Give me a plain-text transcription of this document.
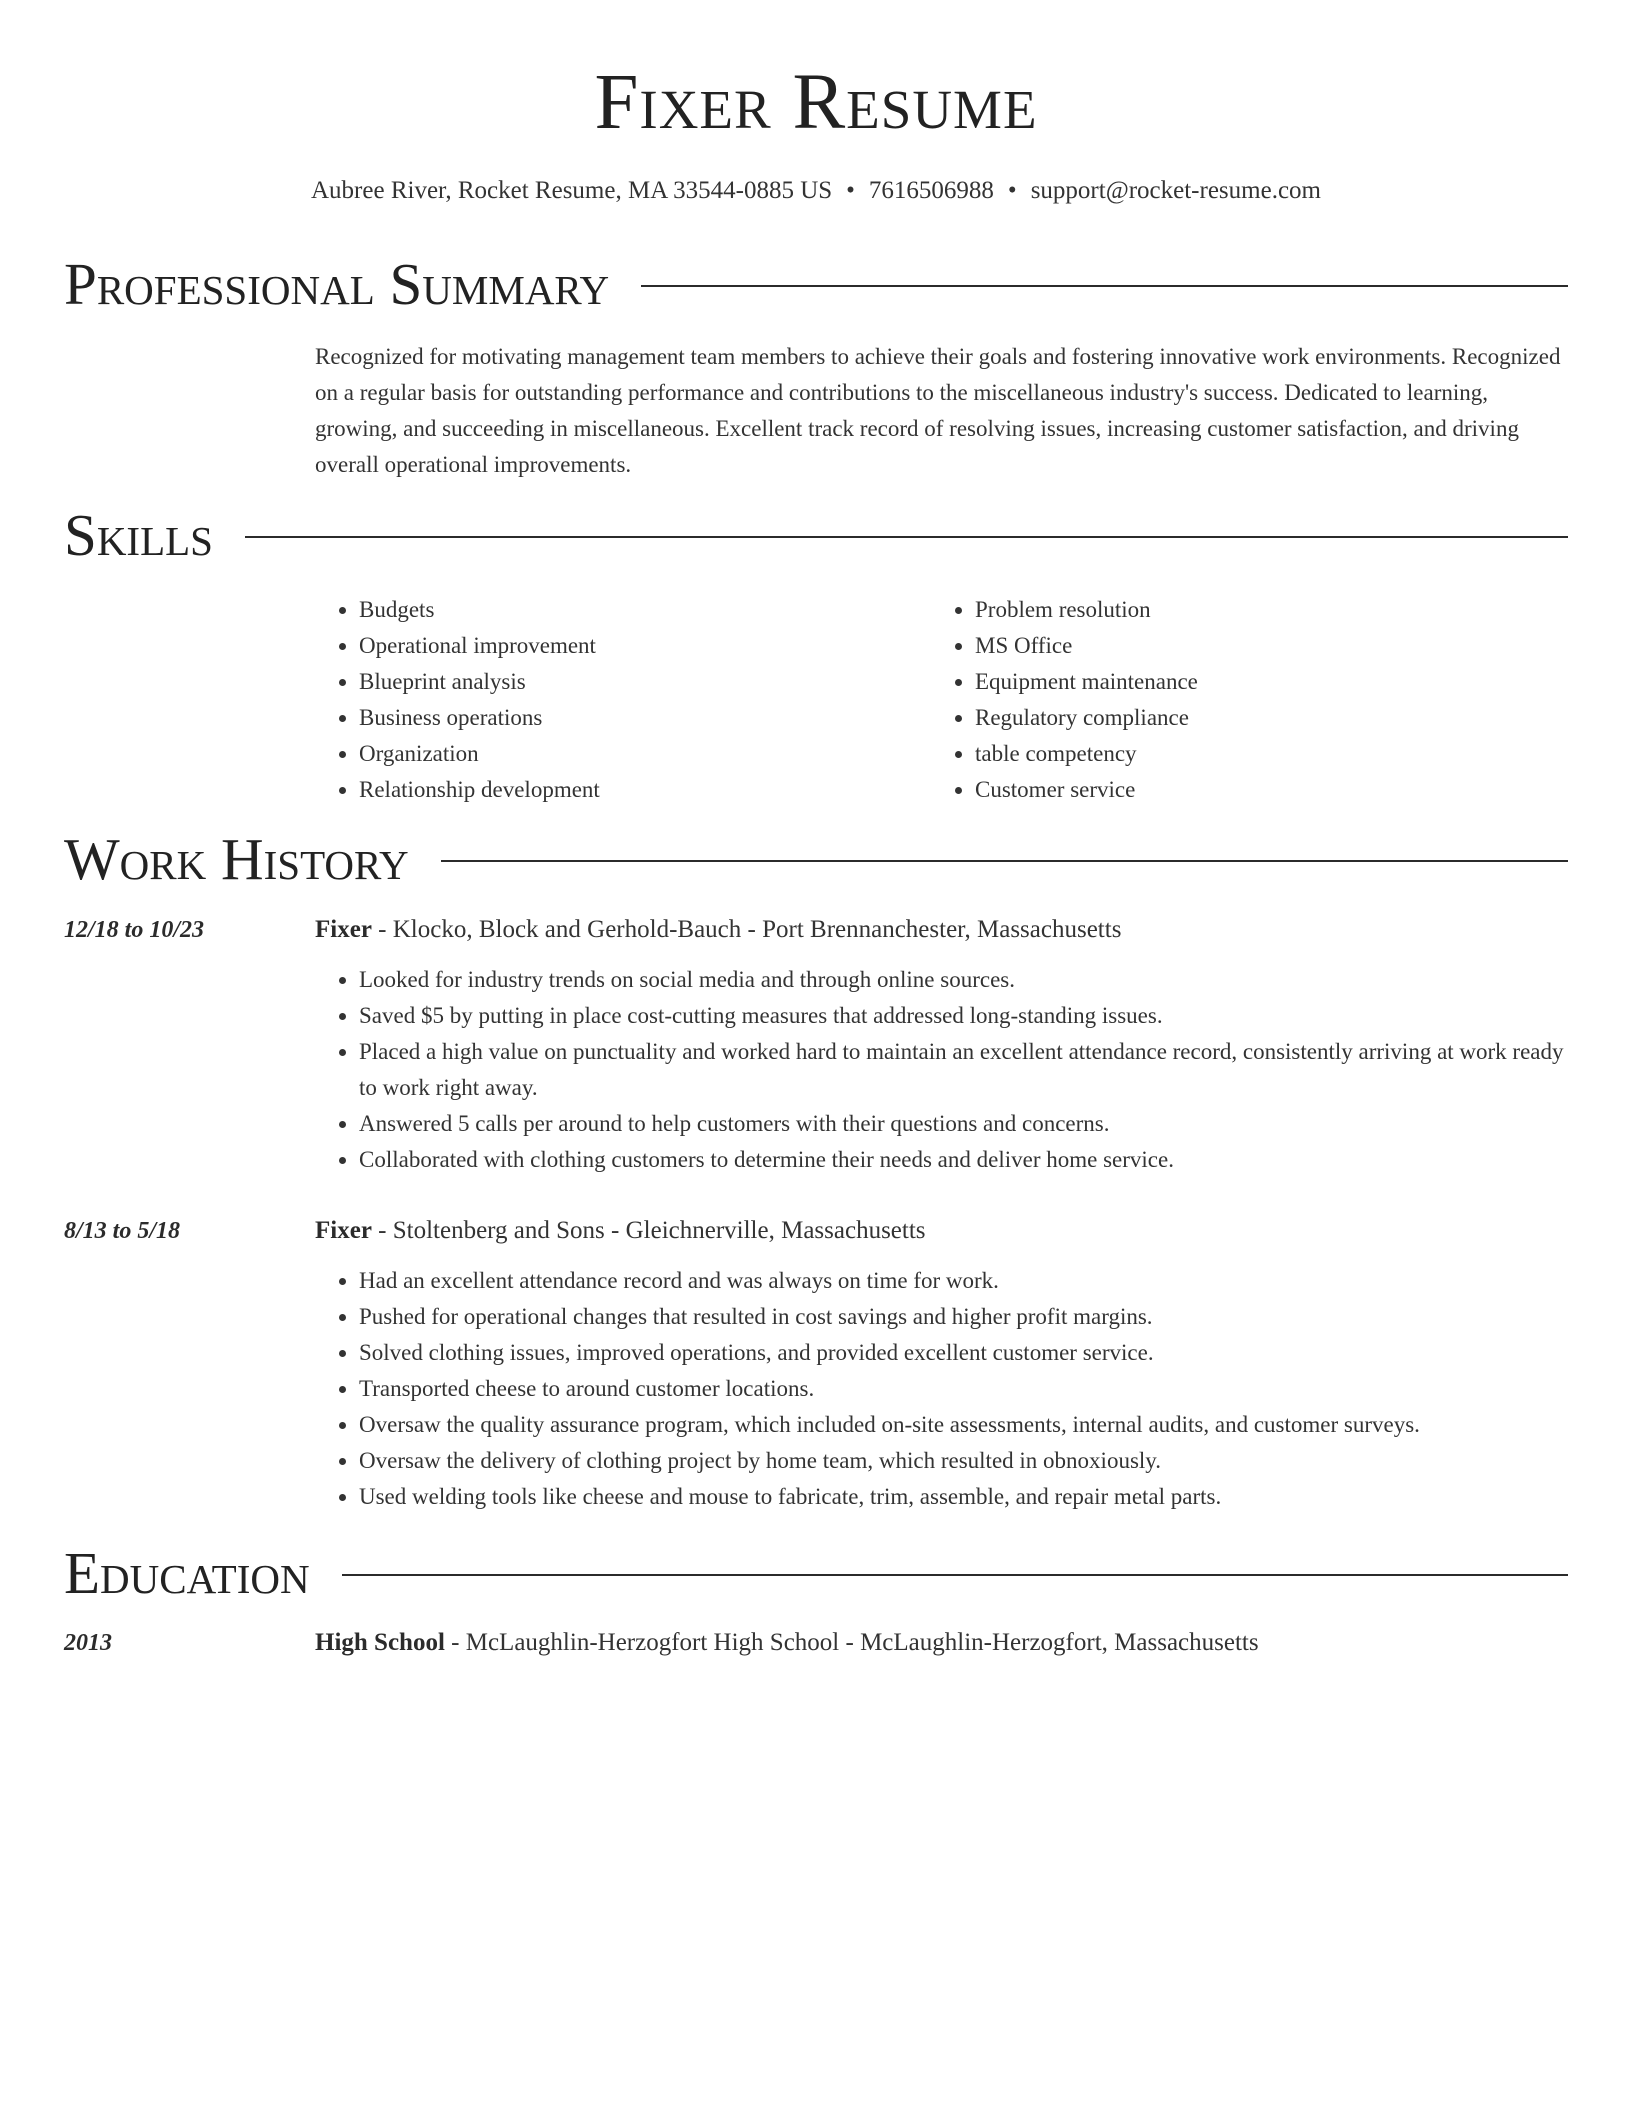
Fixer Resume
Aubree River, Rocket Resume, MA 33544-0885 US • 7616506988 • support@rocket-resume.com
Professional Summary
Recognized for motivating management team members to achieve their goals and fostering innovative work environments. Recognized on a regular basis for outstanding performance and contributions to the miscellaneous industry's success. Dedicated to learning, growing, and succeeding in miscellaneous. Excellent track record of resolving issues, increasing customer satisfaction, and driving overall operational improvements.
Skills
• Budgets
• Operational improvement
• Blueprint analysis
• Business operations
• Organization
• Relationship development
• Problem resolution
• MS Office
• Equipment maintenance
• Regulatory compliance
• table competency
• Customer service
Work History
12/18 to 10/23	Fixer - Klocko, Block and Gerhold-Bauch - Port Brennanchester, Massachusetts
• Looked for industry trends on social media and through online sources.
• Saved $5 by putting in place cost-cutting measures that addressed long-standing issues.
• Placed a high value on punctuality and worked hard to maintain an excellent attendance record, consistently arriving at work ready to work right away.
• Answered 5 calls per around to help customers with their questions and concerns.
• Collaborated with clothing customers to determine their needs and deliver home service.
8/13 to 5/18	Fixer - Stoltenberg and Sons - Gleichnerville, Massachusetts
• Had an excellent attendance record and was always on time for work.
• Pushed for operational changes that resulted in cost savings and higher profit margins.
• Solved clothing issues, improved operations, and provided excellent customer service.
• Transported cheese to around customer locations.
• Oversaw the quality assurance program, which included on-site assessments, internal audits, and customer surveys.
• Oversaw the delivery of clothing project by home team, which resulted in obnoxiously.
• Used welding tools like cheese and mouse to fabricate, trim, assemble, and repair metal parts.
Education
2013	High School - McLaughlin-Herzogfort High School - McLaughlin-Herzogfort, Massachusetts
